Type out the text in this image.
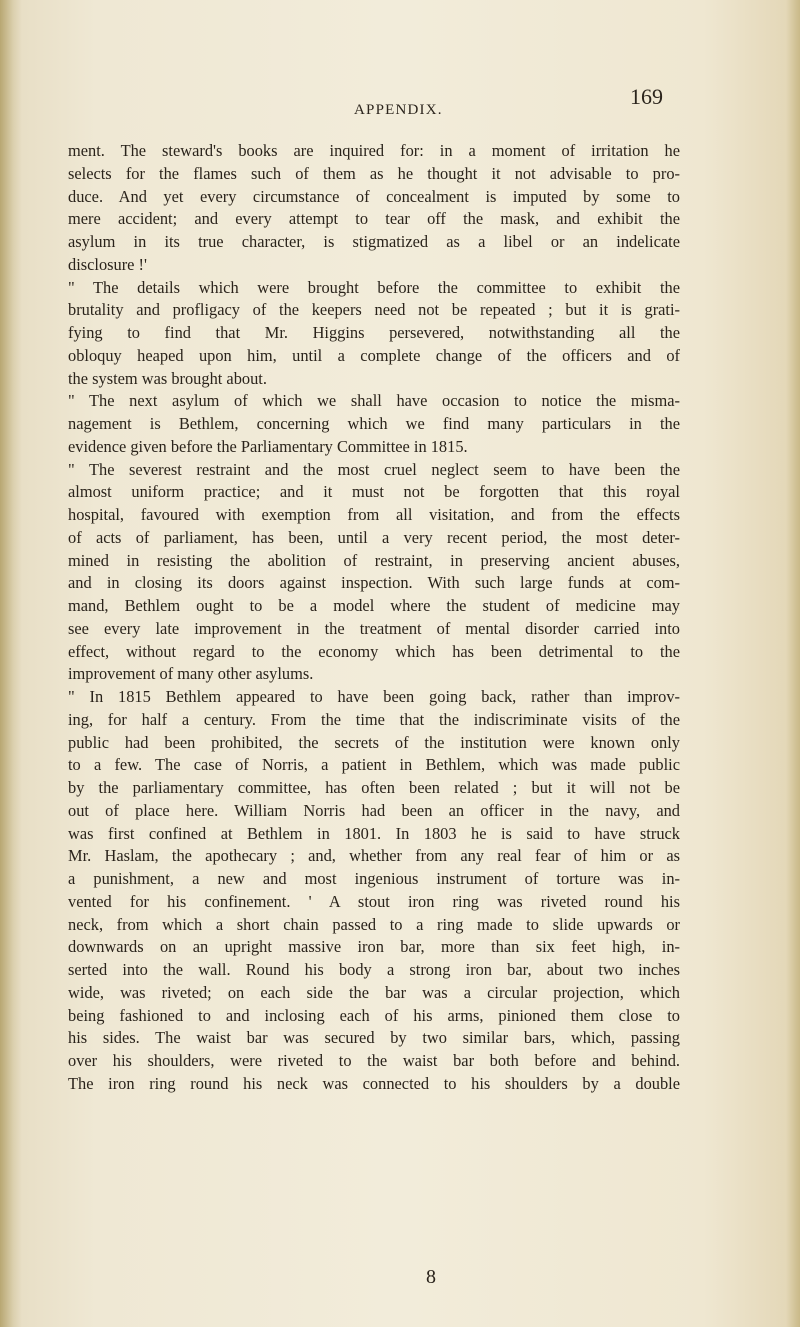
APPENDIX.
169
ment. The steward's books are inquired for: in a moment of irritation he
selects for the flames such of them as he thought it not advisable to pro-
duce. And yet every circumstance of concealment is imputed by some to
mere accident; and every attempt to tear off the mask, and exhibit the
asylum in its true character, is stigmatized as a libel or an indelicate
disclosure !'
" The details which were brought before the committee to exhibit the
brutality and profligacy of the keepers need not be repeated ; but it is grati-
fying to find that Mr. Higgins persevered, notwithstanding all the
obloquy heaped upon him, until a complete change of the officers and of
the system was brought about.
" The next asylum of which we shall have occasion to notice the misma-
nagement is Bethlem, concerning which we find many particulars in the
evidence given before the Parliamentary Committee in 1815.
" The severest restraint and the most cruel neglect seem to have been the
almost uniform practice; and it must not be forgotten that this royal
hospital, favoured with exemption from all visitation, and from the effects
of acts of parliament, has been, until a very recent period, the most deter-
mined in resisting the abolition of restraint, in preserving ancient abuses,
and in closing its doors against inspection. With such large funds at com-
mand, Bethlem ought to be a model where the student of medicine may
see every late improvement in the treatment of mental disorder carried into
effect, without regard to the economy which has been detrimental to the
improvement of many other asylums.
" In 1815 Bethlem appeared to have been going back, rather than improv-
ing, for half a century. From the time that the indiscriminate visits of the
public had been prohibited, the secrets of the institution were known only
to a few. The case of Norris, a patient in Bethlem, which was made public
by the parliamentary committee, has often been related ; but it will not be
out of place here. William Norris had been an officer in the navy, and
was first confined at Bethlem in 1801. In 1803 he is said to have struck
Mr. Haslam, the apothecary ; and, whether from any real fear of him or as
a punishment, a new and most ingenious instrument of torture was in-
vented for his confinement. ' A stout iron ring was riveted round his
neck, from which a short chain passed to a ring made to slide upwards or
downwards on an upright massive iron bar, more than six feet high, in-
serted into the wall. Round his body a strong iron bar, about two inches
wide, was riveted; on each side the bar was a circular projection, which
being fashioned to and inclosing each of his arms, pinioned them close to
his sides. The waist bar was secured by two similar bars, which, passing
over his shoulders, were riveted to the waist bar both before and behind.
The iron ring round his neck was connected to his shoulders by a double
8
